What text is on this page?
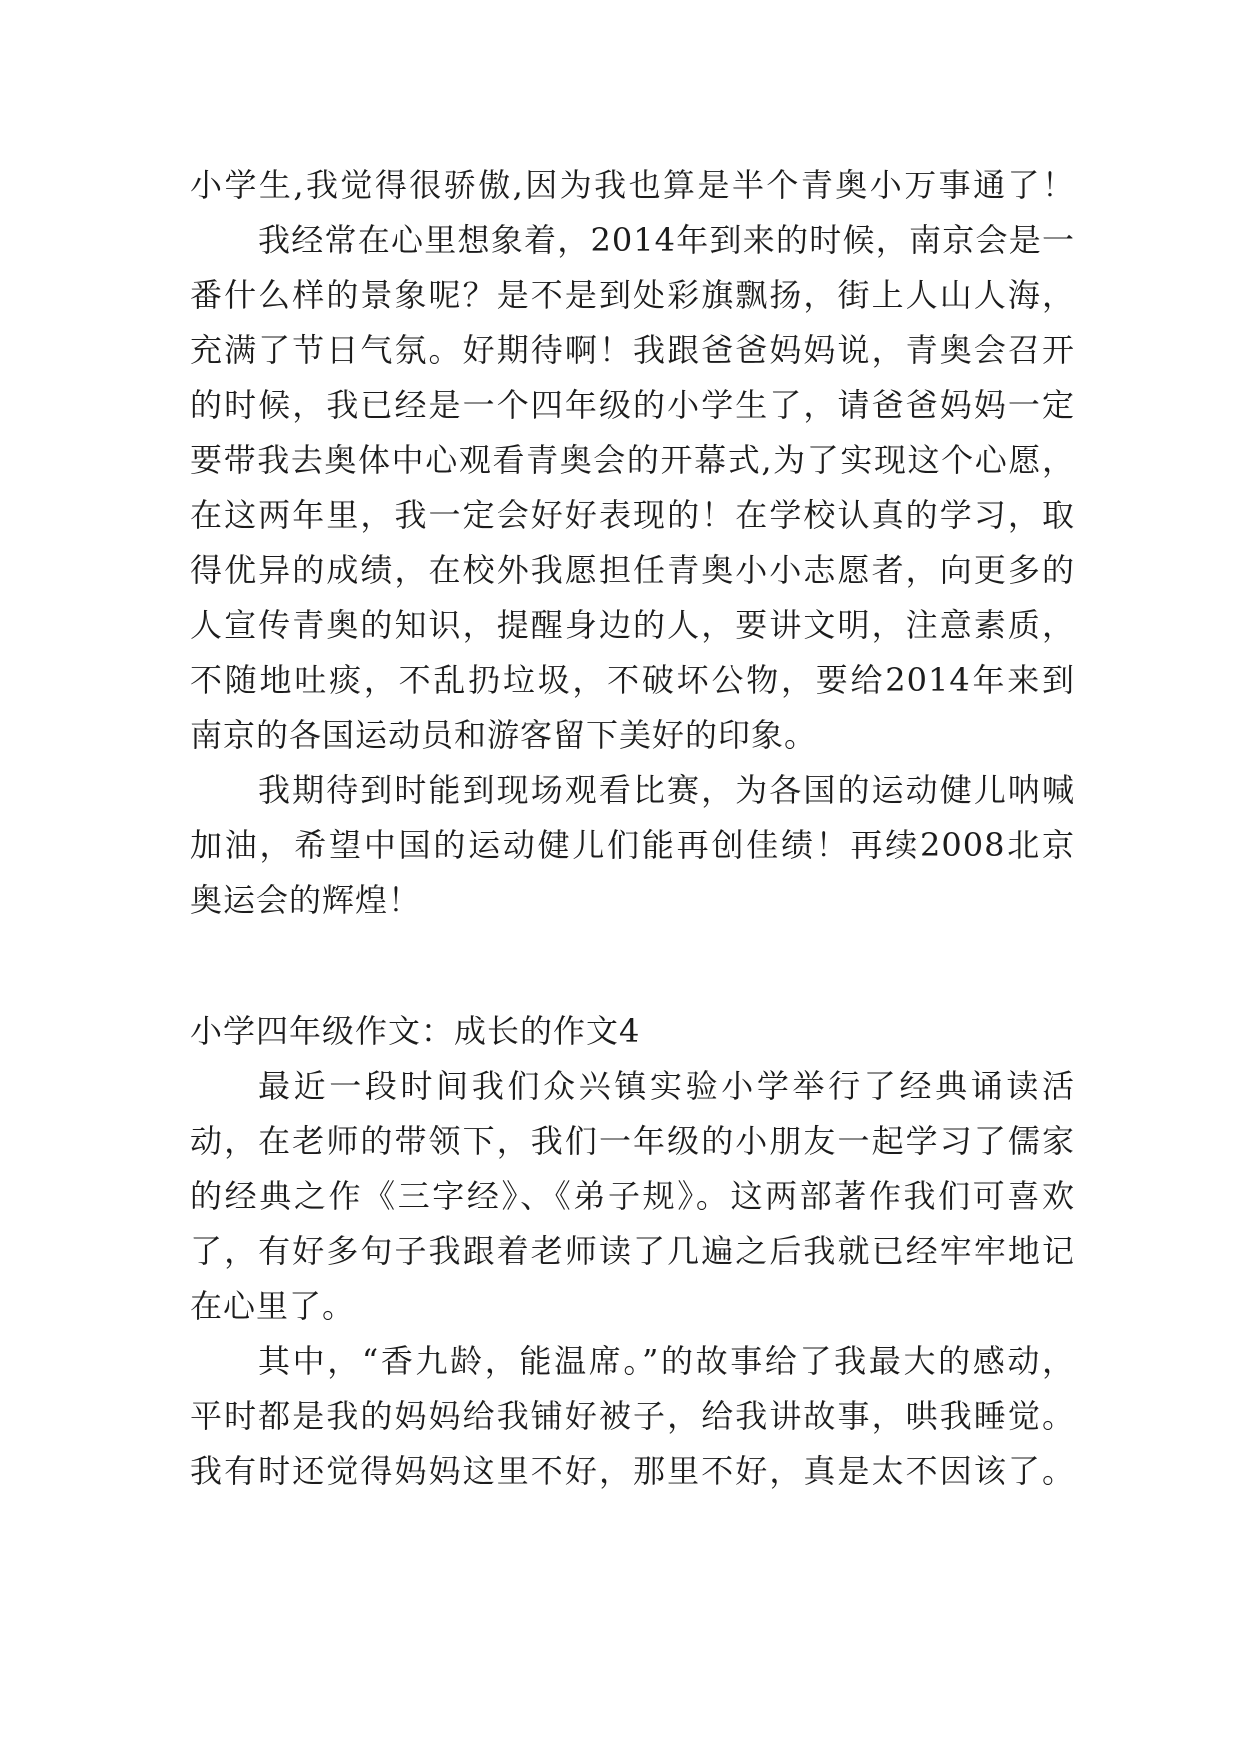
小学生,我觉得很骄傲,因为我也算是半个青奥小万事通了！
我经常在心里想象着，2014年到来的时候，南京会是一
番什么样的景象呢？是不是到处彩旗飘扬，街上人山人海，
充满了节日气氛。好期待啊！我跟爸爸妈妈说，青奥会召开
的时候，我已经是一个四年级的小学生了，请爸爸妈妈一定
要带我去奥体中心观看青奥会的开幕式,为了实现这个心愿，
在这两年里，我一定会好好表现的！在学校认真的学习，取
得优异的成绩，在校外我愿担任青奥小小志愿者，向更多的
人宣传青奥的知识，提醒身边的人，要讲文明，注意素质，
不随地吐痰，不乱扔垃圾，不破坏公物，要给2014年来到
南京的各国运动员和游客留下美好的印象。
我期待到时能到现场观看比赛，为各国的运动健儿呐喊
加油，希望中国的运动健儿们能再创佳绩！再续2008北京
奥运会的辉煌！
小学四年级作文：成长的作文4
最近一段时间我们众兴镇实验小学举行了经典诵读活
动，在老师的带领下，我们一年级的小朋友一起学习了儒家
的经典之作《三字经》、《弟子规》。这两部著作我们可喜欢
了，有好多句子我跟着老师读了几遍之后我就已经牢牢地记
在心里了。
其中，“香九龄，能温席。”的故事给了我最大的感动，
平时都是我的妈妈给我铺好被子，给我讲故事，哄我睡觉。
我有时还觉得妈妈这里不好，那里不好，真是太不因该了。
